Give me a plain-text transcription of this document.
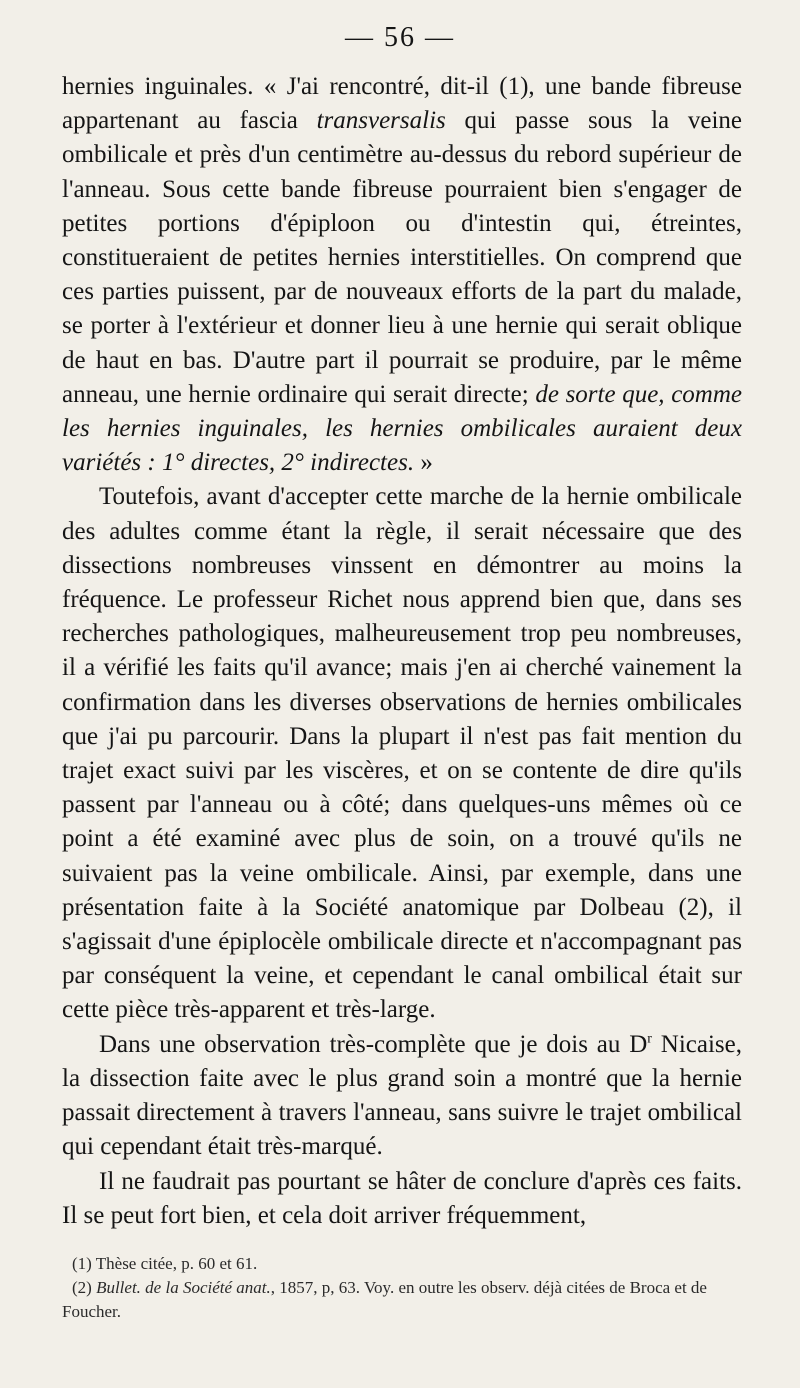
— 56 —

hernies inguinales. « J'ai rencontré, dit-il (1), une bande fibreuse appartenant au fascia transversalis qui passe sous la veine ombilicale et près d'un centimètre au-dessus du rebord supérieur de l'anneau. Sous cette bande fibreuse pourraient bien s'engager de petites portions d'épiploon ou d'intestin qui, étreintes, constitueraient de petites hernies interstitielles. On comprend que ces parties puissent, par de nouveaux efforts de la part du malade, se porter à l'extérieur et donner lieu à une hernie qui serait oblique de haut en bas. D'autre part il pourrait se produire, par le même anneau, une hernie ordinaire qui serait directe; de sorte que, comme les hernies inguinales, les hernies ombilicales auraient deux variétés : 1° directes, 2° indirectes. »

Toutefois, avant d'accepter cette marche de la hernie ombilicale des adultes comme étant la règle, il serait nécessaire que des dissections nombreuses vinssent en démontrer au moins la fréquence. Le professeur Richet nous apprend bien que, dans ses recherches pathologiques, malheureusement trop peu nombreuses, il a vérifié les faits qu'il avance; mais j'en ai cherché vainement la confirmation dans les diverses observations de hernies ombilicales que j'ai pu parcourir. Dans la plupart il n'est pas fait mention du trajet exact suivi par les viscères, et on se contente de dire qu'ils passent par l'anneau ou à côté; dans quelques-uns mêmes où ce point a été examiné avec plus de soin, on a trouvé qu'ils ne suivaient pas la veine ombilicale. Ainsi, par exemple, dans une présentation faite à la Société anatomique par Dolbeau (2), il s'agissait d'une épiplocèle ombilicale directe et n'accompagnant pas par conséquent la veine, et cependant le canal ombilical était sur cette pièce très-apparent et très-large.

Dans une observation très-complète que je dois au $D^r$ Nicaise, la dissection faite avec le plus grand soin a montré que la hernie passait directement à travers l'anneau, sans suivre le trajet ombilical qui cependant était très-marqué.

Il ne faudrait pas pourtant se hâter de conclure d'après ces faits. Il se peut fort bien, et cela doit arriver fréquemment,

(1) Thèse citée, p. 60 et 61.

(2) Bullet. de la Société anat., 1857, p, 63. Voy. en outre les observ. déjà citées de Broca et de Foucher.
